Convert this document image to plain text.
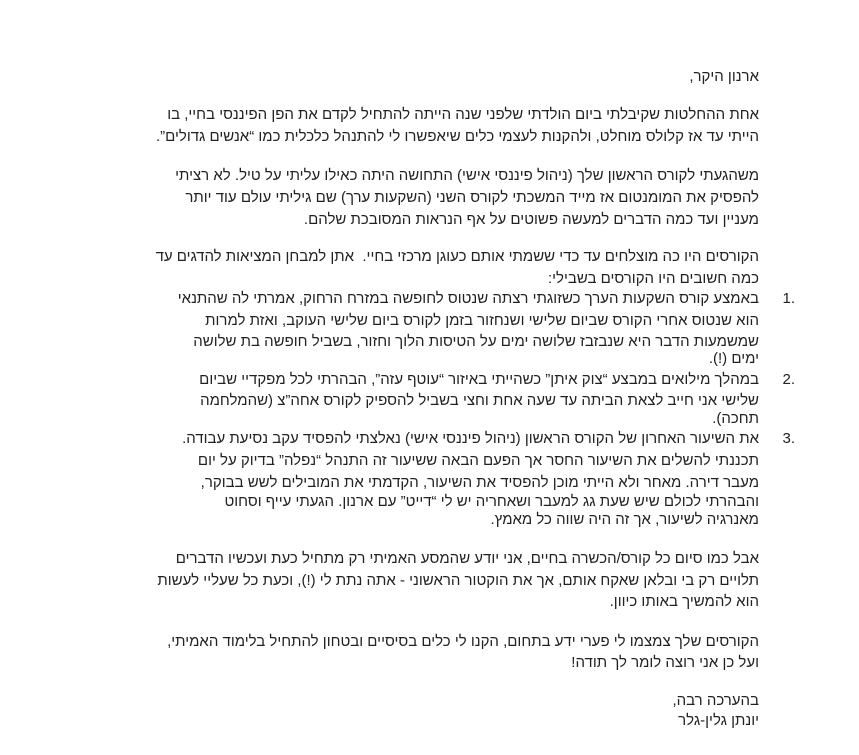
ארנון היקר,
אחת ההחלטות שקיבלתי ביום הולדתי שלפני שנה הייתה להתחיל לקדם את הפן הפיננסי בחיי, בו
הייתי עד אז קלולס מוחלט, ולהקנות לעצמי כלים שיאפשרו לי להתנהל כלכלית כמו “אנשים גדולים”.
משהגעתי לקורס הראשון שלך (ניהול פיננסי אישי) התחושה היתה כאילו עליתי על טיל. לא רציתי
להפסיק את המומנטום אז מייד המשכתי לקורס השני (השקעות ערך) שם גיליתי עולם עוד יותר
מעניין ועד כמה הדברים למעשה פשוטים על אף הנראות המסובכת שלהם.
הקורסים היו כה מוצלחים עד כדי ששמתי אותם כעוגן מרכזי בחיי.  אתן למבחן המציאות להדגים עד
כמה חשובים היו הקורסים בשבילי:
1.
באמצע קורס השקעות הערך כשזוגתי רצתה שנטוס לחופשה במזרח הרחוק, אמרתי לה שהתנאי
הוא שנטוס אחרי הקורס שביום שלישי ושנחזור בזמן לקורס ביום שלישי העוקב, ואזת למרות
שמשמעות הדבר היא שנבזבז שלושה ימים על הטיסות הלוך וחזור, בשביל חופשה בת שלושה
ימים (!).
2.
במהלך מילואים במבצע “צוק איתן” כשהייתי באיזור “עוטף עזה”, הבהרתי לכל מפקדיי שביום
שלישי אני חייב לצאת הביתה עד שעה אחת וחצי בשביל להספיק לקורס אחה”צ (שהמלחמה
תחכה).
3.
את השיעור האחרון של הקורס הראשון (ניהול פיננסי אישי) נאלצתי להפסיד עקב נסיעת עבודה.
תכננתי להשלים את השיעור החסר אך הפעם הבאה ששיעור זה התנהל “נפלה” בדיוק על יום
מעבר דירה. מאחר ולא הייתי מוכן להפסיד את השיעור, הקדמתי את המובילים לשש בבוקר,
והבהרתי לכולם שיש שעת גג למעבר ושאחריה יש לי “דייט” עם ארנון. הגעתי עייף וסחוט
מאנרגיה לשיעור, אך זה היה שווה כל מאמץ.
אבל כמו סיום כל קורס/הכשרה בחיים, אני יודע שהמסע האמיתי רק מתחיל כעת ועכשיו הדברים
תלויים רק בי ובלאן שאקח אותם, אך את הוקטור הראשוני - אתה נתת לי (!), וכעת כל שעליי לעשות
הוא להמשיך באותו כיוון.
הקורסים שלך צמצמו לי פערי ידע בתחום, הקנו לי כלים בסיסיים ובטחון להתחיל בלימוד האמיתי,
ועל כן אני רוצה לומר לך תודה!
בהערכה רבה,
יונתן גלין-גלר
